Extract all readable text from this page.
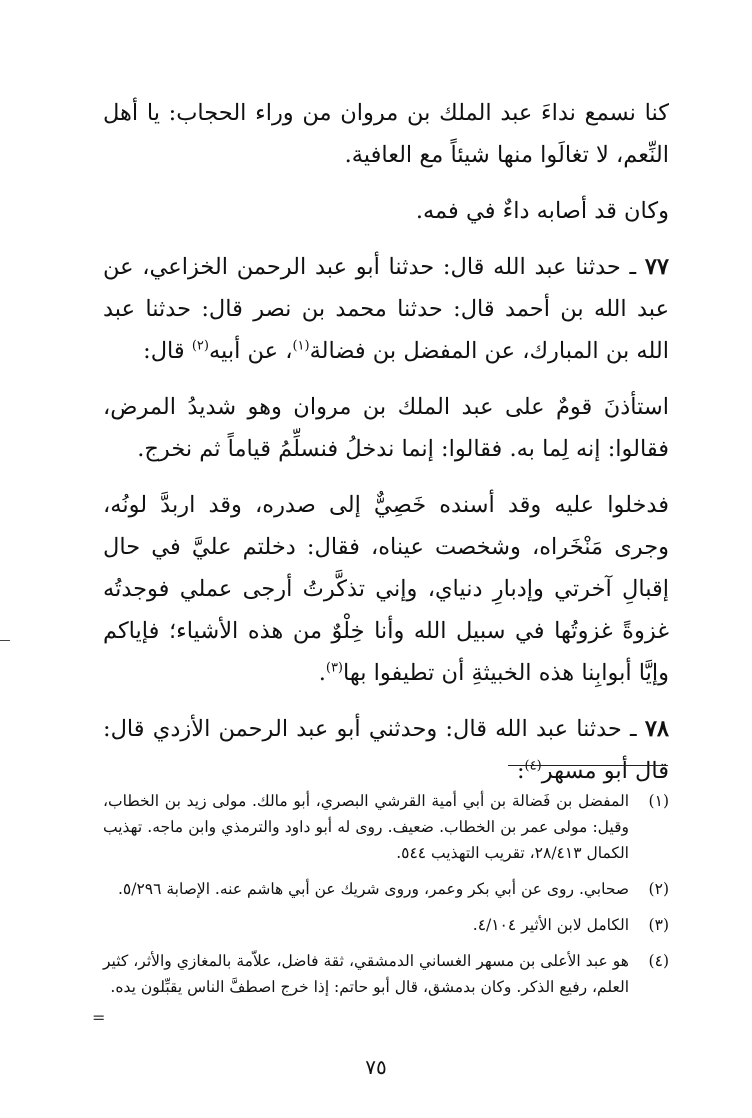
كنا نسمع نداءَ عبد الملك بن مروان من وراء الحجاب: يا أهل النِّعم، لا تغالَوا منها شيئاً مع العافية.

وكان قد أصابه داءٌ في فمه.

٧٧ ـ حدثنا عبد الله قال: حدثنا أبو عبد الرحمن الخزاعي، عن عبد الله بن أحمد قال: حدثنا محمد بن نصر قال: حدثنا عبد الله بن المبارك، عن المفضل بن فضالة$^{(١)}$، عن أبيه$^{(٢)}$ قال:

استأذنَ قومٌ على عبد الملك بن مروان وهو شديدُ المرض، فقالوا: إنه لِما به. فقالوا: إنما ندخلُ فنسلِّمُ قياماً ثم نخرج.

فدخلوا عليه وقد أسنده خَصِيٌّ إلى صدره، وقد اربدَّ لونُه، وجرى مَنْخَراه، وشخصت عيناه، فقال: دخلتم عليَّ في حال إقبالِ آخرتي وإدبارِ دنياي، وإني تذكَّرتُ أرجى عملي فوجدتُه غزوةً غزوتُها في سبيل الله وأنا خِلْوٌ من هذه الأشياء؛ فإياكم وإيَّا أبوابِنا هذه الخبيثةِ أن تطيفوا بها$^{(٣)}$.

٧٨ ـ حدثنا عبد الله قال: وحدثني أبو عبد الرحمن الأزدي قال: قال أبو مسهر$^{(٤)}$:

(١)
المفضل بن فَضالة بن أبي أمية القرشي البصري، أبو مالك. مولى زيد بن الخطاب، وقيل: مولى عمر بن الخطاب. ضعيف. روى له أبو داود والترمذي وابن ماجه. تهذيب الكمال ٢٨/٤١٣، تقريب التهذيب ٥٤٤.
(٢)
صحابي. روى عن أبي بكر وعمر، وروى شريك عن أبي هاشم عنه. الإصابة ٥/٢٩٦.
(٣)
الكامل لابن الأثير ٤/١٠٤.
(٤)
هو عبد الأعلى بن مسهر الغساني الدمشقي، ثقة فاضل، علاّمة بالمغازي والأثر، كثير العلم، رفيع الذكر. وكان بدمشق، قال أبو حاتم: إذا خرج اصطفَّ الناس يقبِّلون يده.
٧٥
=
